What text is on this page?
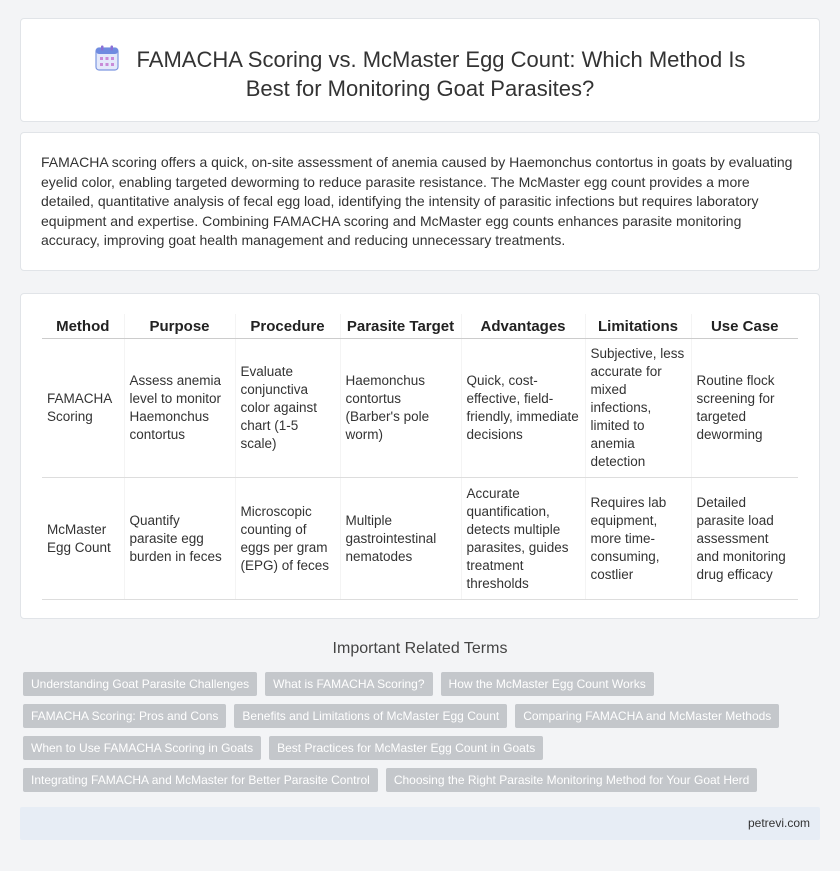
FAMACHA Scoring vs. McMaster Egg Count: Which Method Is
Best for Monitoring Goat Parasites?
FAMACHA scoring offers a quick, on-site assessment of anemia caused by Haemonchus contortus in goats by evaluating eyelid color, enabling targeted deworming to reduce parasite resistance. The McMaster egg count provides a more detailed, quantitative analysis of fecal egg load, identifying the intensity of parasitic infections but requires laboratory equipment and expertise. Combining FAMACHA scoring and McMaster egg counts enhances parasite monitoring accuracy, improving goat health management and reducing unnecessary treatments.
Method	Purpose	Procedure	Parasite Target	Advantages	Limitations	Use Case
FAMACHA Scoring	Assess anemia level to monitor Haemonchus contortus	Evaluate conjunctiva color against chart (1-5 scale)	Haemonchus contortus (Barber's pole worm)	Quick, cost-effective, field-friendly, immediate decisions	Subjective, less accurate for mixed infections, limited to anemia detection	Routine flock screening for targeted deworming
McMaster Egg Count	Quantify parasite egg burden in feces	Microscopic counting of eggs per gram (EPG) of feces	Multiple gastrointestinal nematodes	Accurate quantification, detects multiple parasites, guides treatment thresholds	Requires lab equipment, more time-consuming, costlier	Detailed parasite load assessment and monitoring drug efficacy
Important Related Terms
Understanding Goat Parasite Challenges	What is FAMACHA Scoring?	How the McMaster Egg Count Works
FAMACHA Scoring: Pros and Cons	Benefits and Limitations of McMaster Egg Count	Comparing FAMACHA and McMaster Methods
When to Use FAMACHA Scoring in Goats	Best Practices for McMaster Egg Count in Goats
Integrating FAMACHA and McMaster for Better Parasite Control	Choosing the Right Parasite Monitoring Method for Your Goat Herd
petrevi.com
